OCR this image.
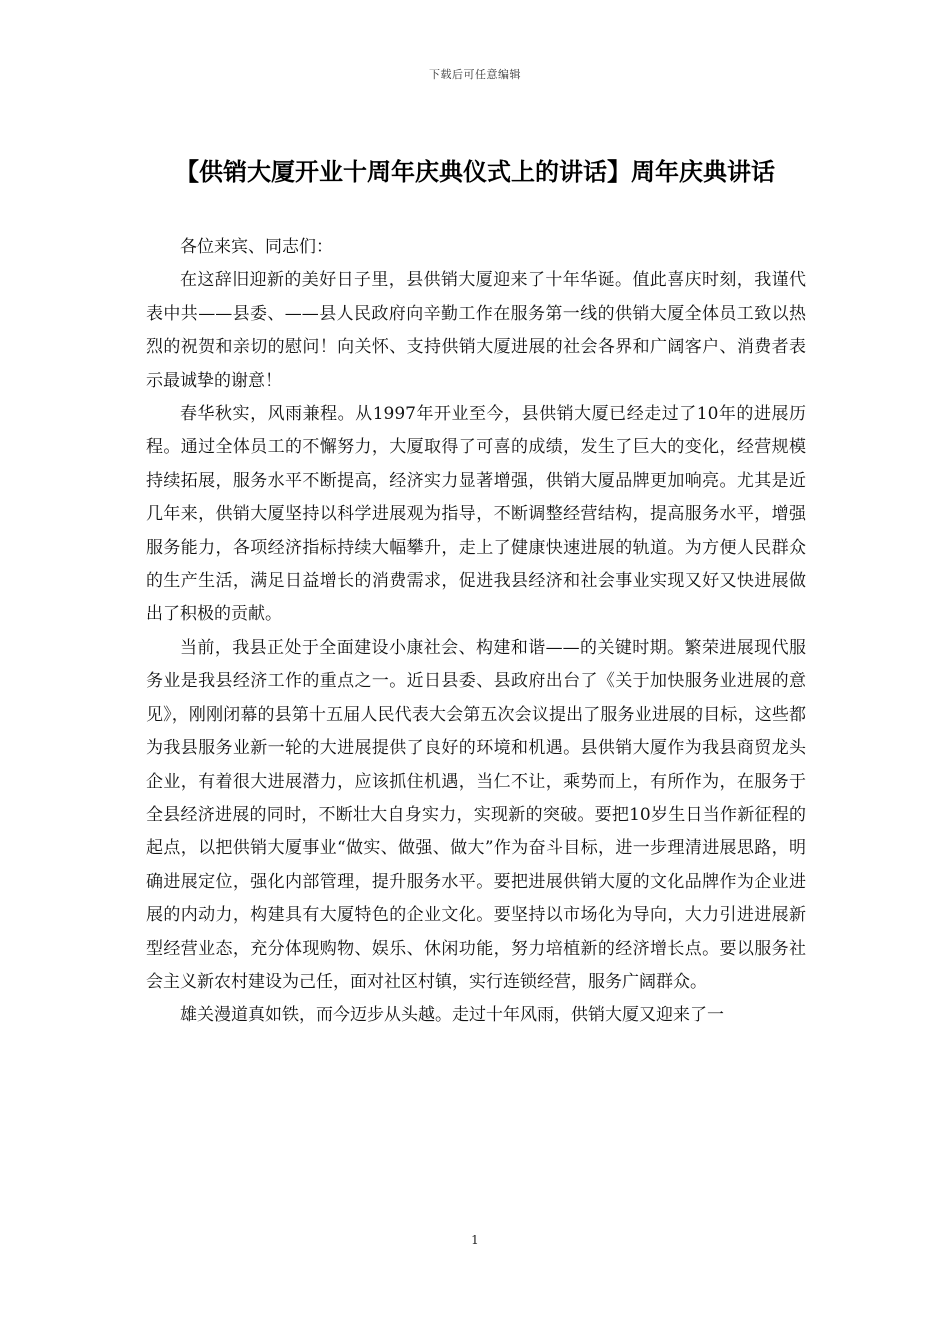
下载后可任意编辑
【供销大厦开业十周年庆典仪式上的讲话】周年庆典讲话

各位来宾、同志们：

在这辞旧迎新的美好日子里，县供销大厦迎来了十年华诞。值此喜庆时刻，我谨代表中共——县委、——县人民政府向辛勤工作在服务第一线的供销大厦全体员工致以热烈的祝贺和亲切的慰问！向关怀、支持供销大厦进展的社会各界和广阔客户、消费者表示最诚挚的谢意！

春华秋实，风雨兼程。从1997年开业至今，县供销大厦已经走过了10年的进展历程。通过全体员工的不懈努力，大厦取得了可喜的成绩，发生了巨大的变化，经营规模持续拓展，服务水平不断提高，经济实力显著增强，供销大厦品牌更加响亮。尤其是近几年来，供销大厦坚持以科学进展观为指导，不断调整经营结构，提高服务水平，增强服务能力，各项经济指标持续大幅攀升，走上了健康快速进展的轨道。为方便人民群众的生产生活，满足日益增长的消费需求，促进我县经济和社会事业实现又好又快进展做出了积极的贡献。

当前，我县正处于全面建设小康社会、构建和谐——的关键时期。繁荣进展现代服务业是我县经济工作的重点之一。近日县委、县政府出台了《关于加快服务业进展的意见》，刚刚闭幕的县第十五届人民代表大会第五次会议提出了服务业进展的目标，这些都为我县服务业新一轮的大进展提供了良好的环境和机遇。县供销大厦作为我县商贸龙头企业，有着很大进展潜力，应该抓住机遇，当仁不让，乘势而上，有所作为，在服务于全县经济进展的同时，不断壮大自身实力，实现新的突破。要把10岁生日当作新征程的起点，以把供销大厦事业“做实、做强、做大”作为奋斗目标，进一步理清进展思路，明确进展定位，强化内部管理，提升服务水平。要把进展供销大厦的文化品牌作为企业进展的内动力，构建具有大厦特色的企业文化。要坚持以市场化为导向，大力引进进展新型经营业态，充分体现购物、娱乐、休闲功能，努力培植新的经济增长点。要以服务社会主义新农村建设为己任，面对社区村镇，实行连锁经营，服务广阔群众。

雄关漫道真如铁，而今迈步从头越。走过十年风雨，供销大厦又迎来了一

1
